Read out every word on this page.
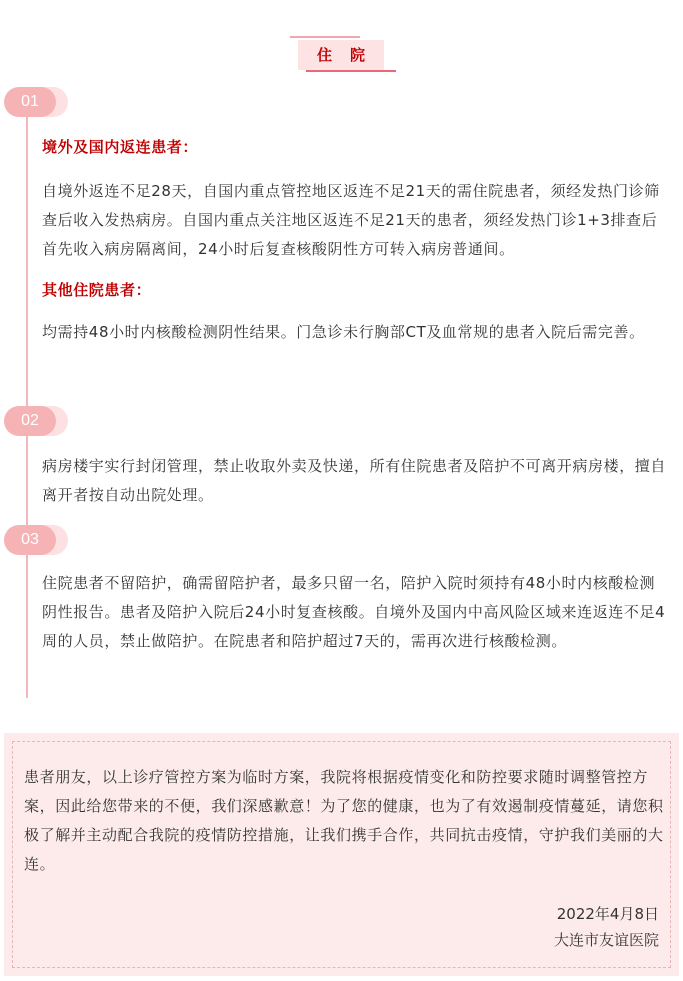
住院
01
境外及国内返连患者：
自境外返连不足28天，自国内重点管控地区返连不足21天的需住院患者，须经发热门诊筛查后收入发热病房。自国内重点关注地区返连不足21天的患者，须经发热门诊1+3排查后首先收入病房隔离间，24小时后复查核酸阴性方可转入病房普通间。
其他住院患者：
均需持48小时内核酸检测阴性结果。门急诊未行胸部CT及血常规的患者入院后需完善。
02
病房楼宇实行封闭管理，禁止收取外卖及快递，所有住院患者及陪护不可离开病房楼，擅自离开者按自动出院处理。
03
住院患者不留陪护，确需留陪护者，最多只留一名，陪护入院时须持有48小时内核酸检测阴性报告。患者及陪护入院后24小时复查核酸。自境外及国内中高风险区域来连返连不足4周的人员，禁止做陪护。在院患者和陪护超过7天的，需再次进行核酸检测。
患者朋友，以上诊疗管控方案为临时方案，我院将根据疫情变化和防控要求随时调整管控方案，因此给您带来的不便，我们深感歉意！为了您的健康，也为了有效遏制疫情蔓延，请您积极了解并主动配合我院的疫情防控措施，让我们携手合作，共同抗击疫情，守护我们美丽的大连。
2022年4月8日
大连市友谊医院
